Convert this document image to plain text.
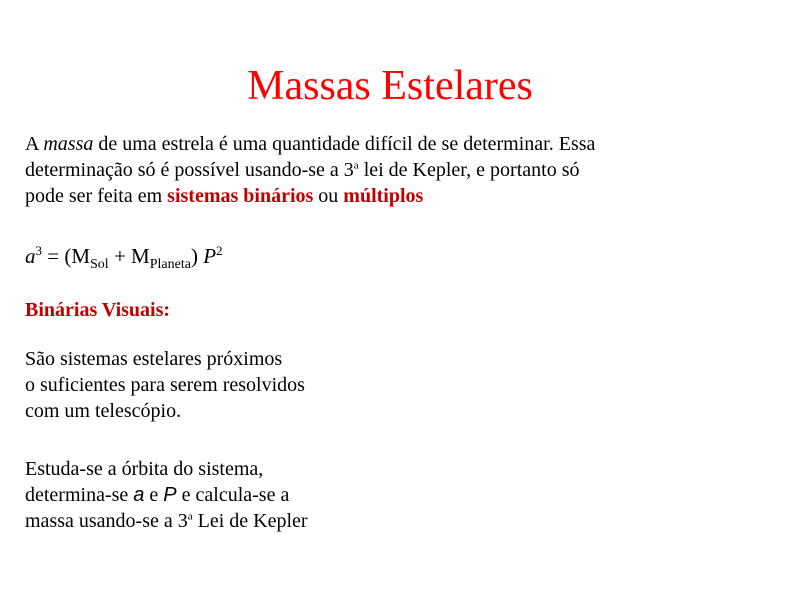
Massas Estelares
A massa de uma estrela é uma quantidade difícil de se determinar. Essa
determinação só é possível usando-se a 3$^a$ lei de Kepler, e portanto só
pode ser feita em sistemas binários ou múltiplos
$a^3 = (M_{Sol} + M_{Planeta})$ $P^2$
Binárias Visuais:
São sistemas estelares próximos
o suficientes para serem resolvidos
com um telescópio.
Estuda-se a órbita do sistema,
determina-se a e P e calcula-se a
massa usando-se a 3$^a$ Lei de Kepler
